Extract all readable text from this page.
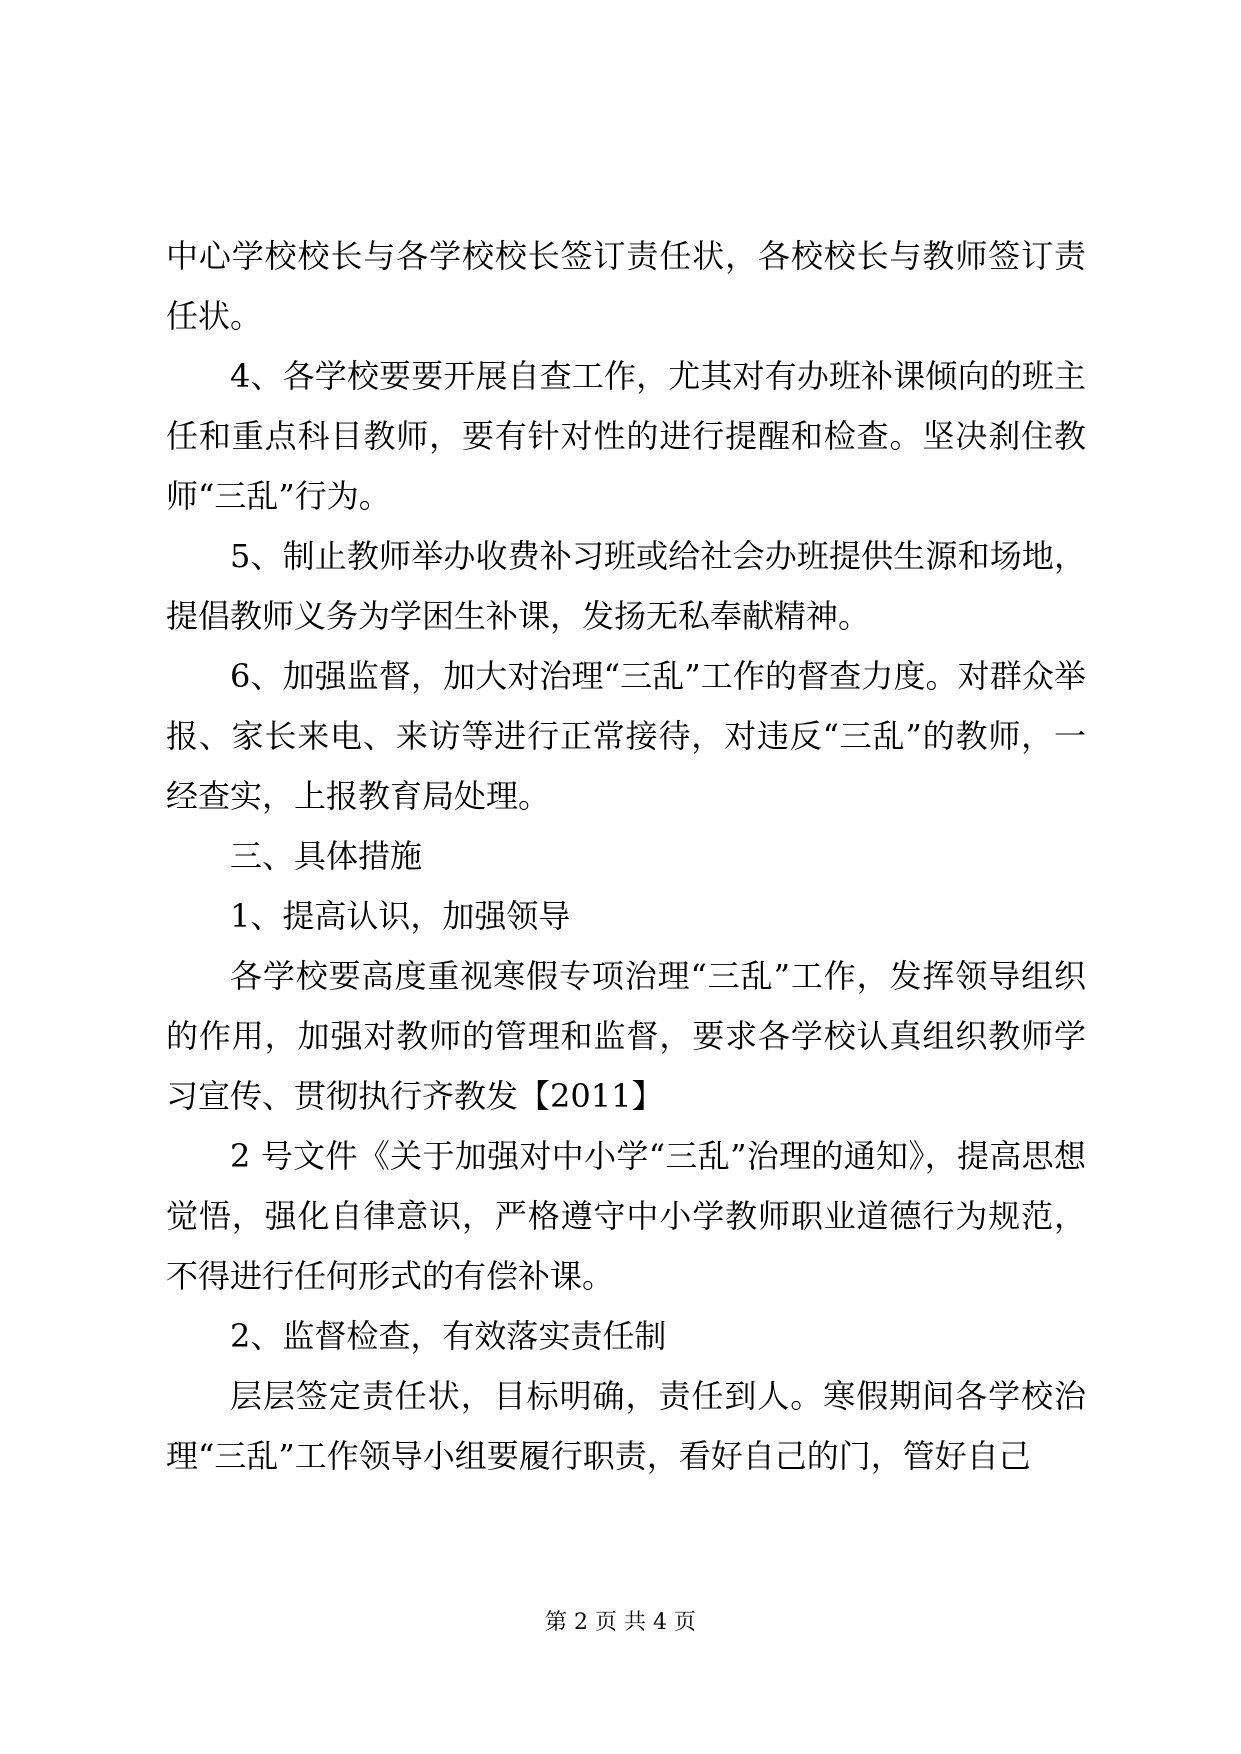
中心学校校长与各学校校长签订责任状，各校校长与教师签订责任状。

4、各学校要要开展自查工作，尤其对有办班补课倾向的班主任和重点科目教师，要有针对性的进行提醒和检查。坚决刹住教师“三乱”行为。

5、制止教师举办收费补习班或给社会办班提供生源和场地，提倡教师义务为学困生补课，发扬无私奉献精神。

6、加强监督，加大对治理“三乱”工作的督查力度。对群众举报、家长来电、来访等进行正常接待，对违反“三乱”的教师，一经查实，上报教育局处理。

三、具体措施

1、提高认识，加强领导

各学校要高度重视寒假专项治理“三乱”工作，发挥领导组织的作用，加强对教师的管理和监督，要求各学校认真组织教师学习宣传、贯彻执行齐教发【2011】

2 号文件《关于加强对中小学“三乱”治理的通知》，提高思想觉悟，强化自律意识，严格遵守中小学教师职业道德行为规范，不得进行任何形式的有偿补课。

2、监督检查，有效落实责任制

层层签定责任状，目标明确，责任到人。寒假期间各学校治理“三乱”工作领导小组要履行职责，看好自己的门，管好自己

第 2 页 共 4 页
